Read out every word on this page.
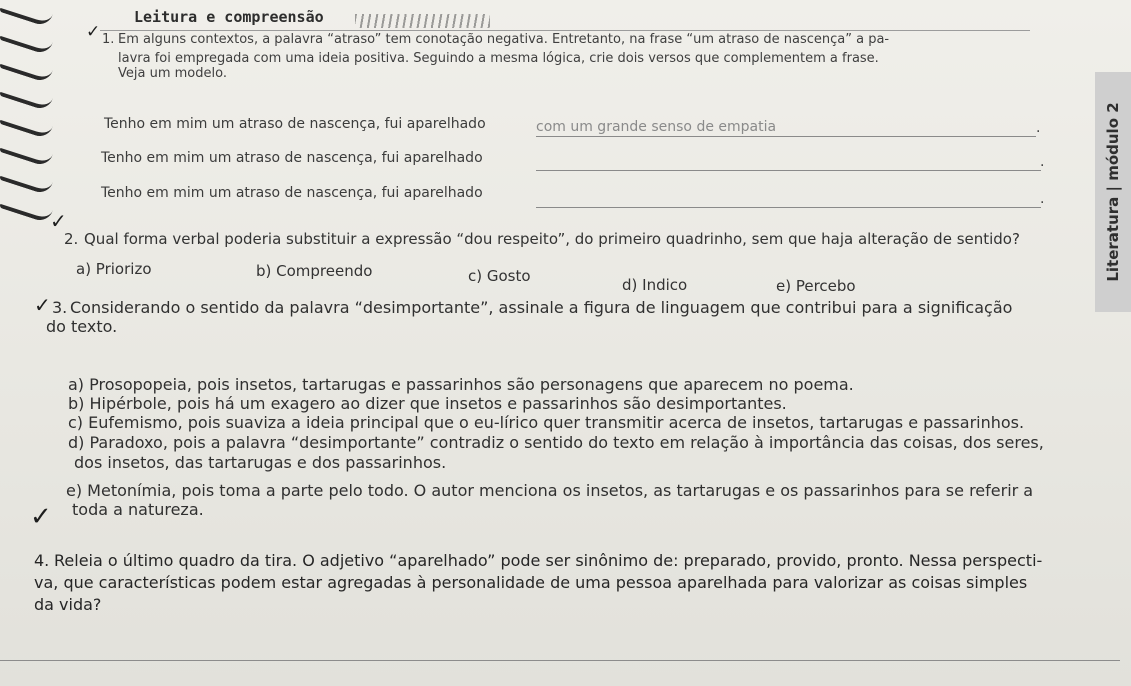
Literatura | módulo 2
Leitura e compreensão
✓ 1. Em alguns contextos, a palavra “atraso” tem conotação negativa. Entretanto, na frase “um atraso de nascença” a pa-
lavra foi empregada com uma ideia positiva. Seguindo a mesma lógica, crie dois versos que complementem a frase.
Veja um modelo.
Tenho em mim um atraso de nascença, fui aparelhado	com um grande senso de empatia	.
Tenho em mim um atraso de nascença, fui aparelhado	.
Tenho em mim um atraso de nascença, fui aparelhado	.
✓
2. Qual forma verbal poderia substituir a expressão “dou respeito”, do primeiro quadrinho, sem que haja alteração de sentido?
a) Priorizo	b) Compreendo	c) Gosto	d) Indico	e) Percebo
✓ 3. Considerando o sentido da palavra “desimportante”, assinale a figura de linguagem que contribui para a significação
do texto.
a) Prosopopeia, pois insetos, tartarugas e passarinhos são personagens que aparecem no poema.
b) Hipérbole, pois há um exagero ao dizer que insetos e passarinhos são desimportantes.
c) Eufemismo, pois suaviza a ideia principal que o eu-lírico quer transmitir acerca de insetos, tartarugas e passarinhos.
d) Paradoxo, pois a palavra “desimportante” contradiz o sentido do texto em relação à importância das coisas, dos seres,
dos insetos, das tartarugas e dos passarinhos.
e) Metonímia, pois toma a parte pelo todo. O autor menciona os insetos, as tartarugas e os passarinhos para se referir a
toda a natureza.
✓
4. Releia o último quadro da tira. O adjetivo “aparelhado” pode ser sinônimo de: preparado, provido, pronto. Nessa perspecti-
va, que características podem estar agregadas à personalidade de uma pessoa aparelhada para valorizar as coisas simples
da vida?
